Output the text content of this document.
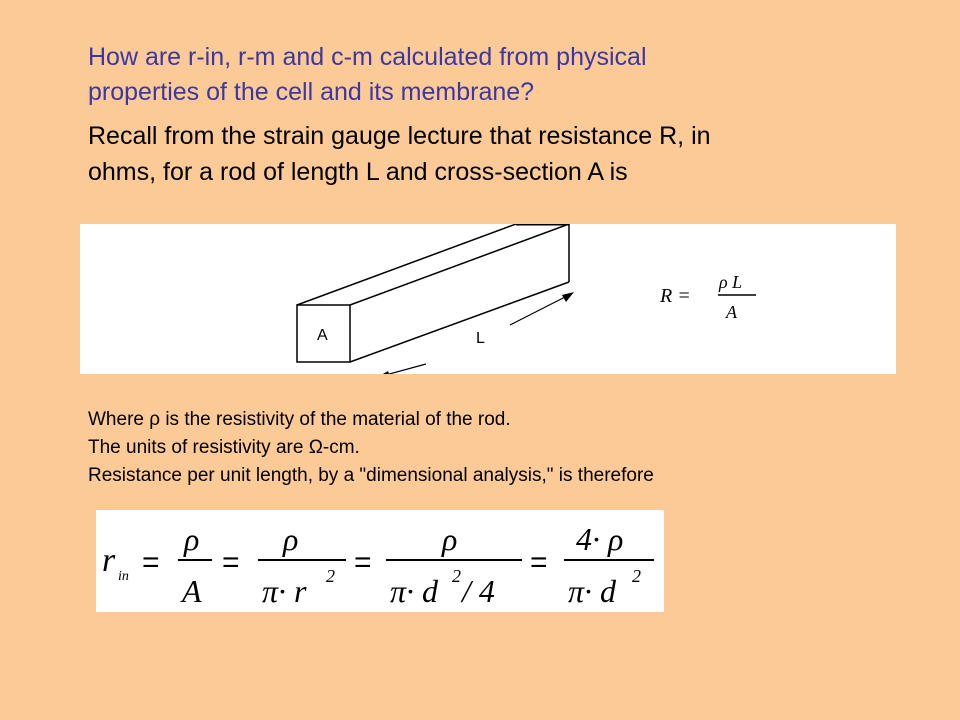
How are r-in, r-m and c-m calculated from physical
properties of the cell and its membrane?
Recall from the strain gauge lecture that resistance R, in
ohms, for a rod of length L and cross-section A is
A	L
R =
ρ L
A
Where ρ is the resistivity of the material of the rod.
The units of resistivity are Ω-cm.
Resistance per unit length, by a "dimensional analysis," is therefore
r in =
ρ
A
=
ρ
π· r 2 =
ρ
π· d 2 / 4
=
4· ρ
π· d 2
